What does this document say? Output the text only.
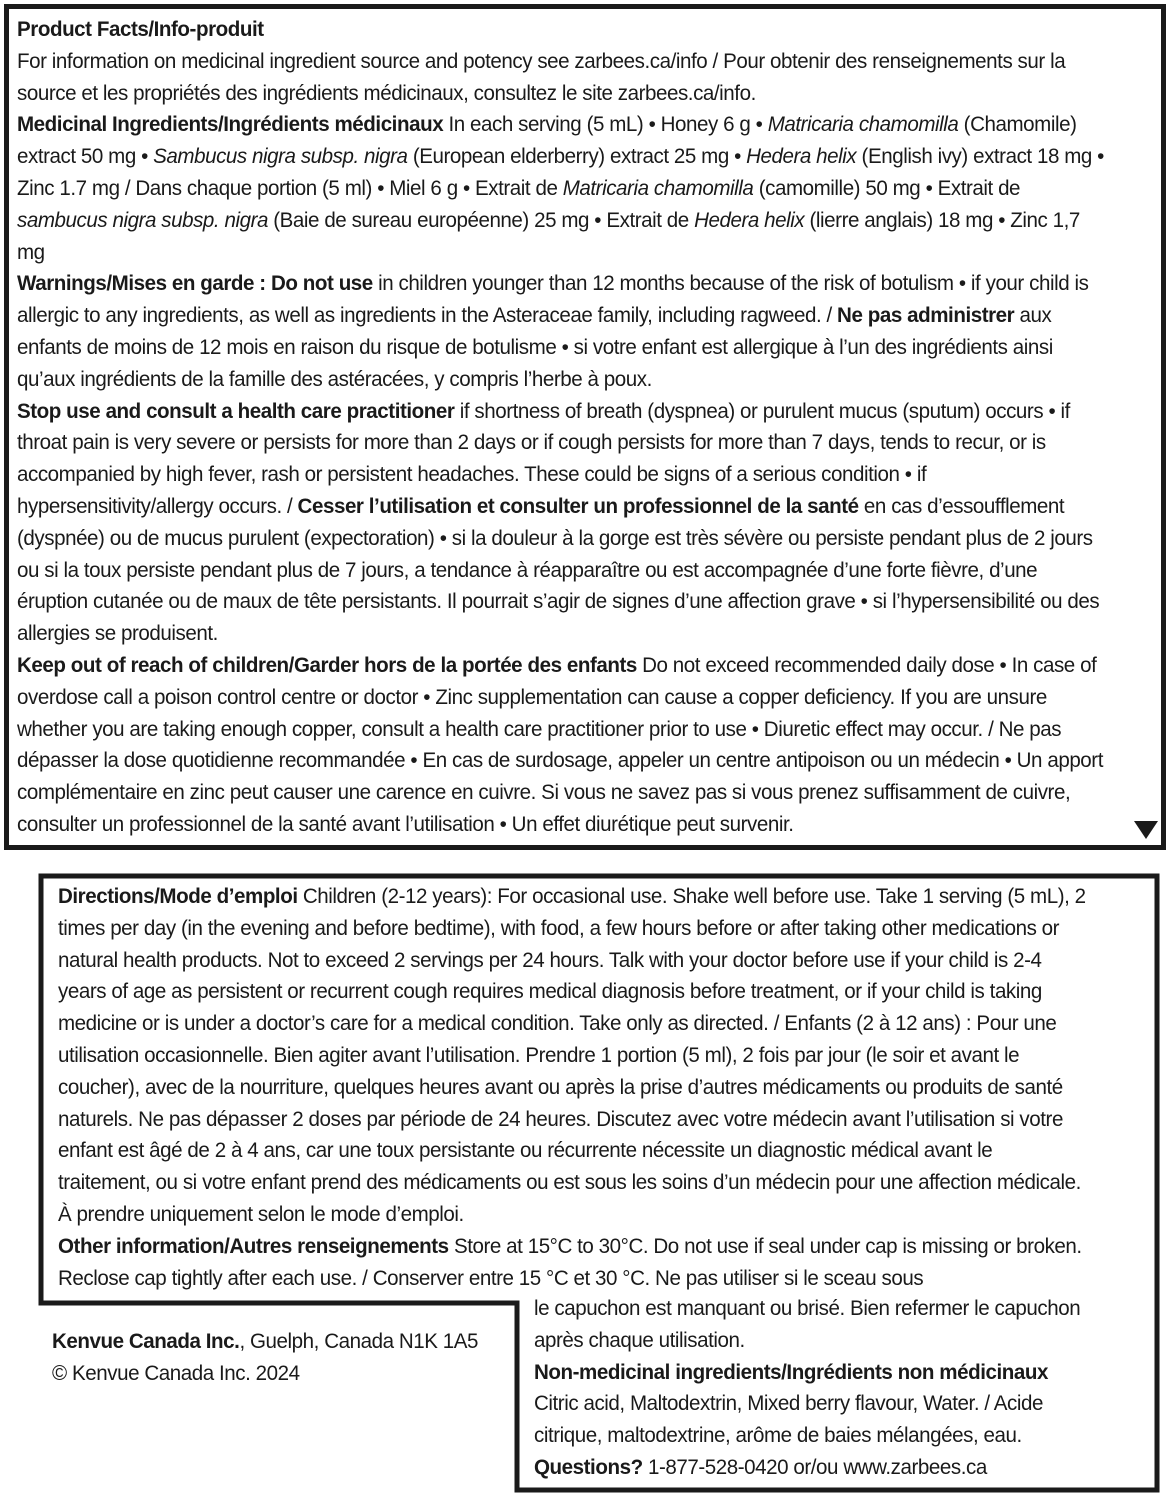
Product Facts/Info-produit

For information on medicinal ingredient source and potency see zarbees.ca/info / Pour obtenir des renseignements sur la source et les propriétés des ingrédients médicinaux, consultez le site zarbees.ca/info.

Medicinal Ingredients/Ingrédients médicinaux In each serving (5 mL) • Honey 6 g • Matricaria chamomilla (Chamomile) extract 50 mg • Sambucus nigra subsp. nigra (European elderberry) extract 25 mg • Hedera helix (English ivy) extract 18 mg • Zinc 1.7 mg / Dans chaque portion (5 ml) • Miel 6 g • Extrait de Matricaria chamomilla (camomille) 50 mg • Extrait de sambucus nigra subsp. nigra (Baie de sureau européenne) 25 mg • Extrait de Hedera helix (lierre anglais) 18 mg • Zinc 1,7 mg

Warnings/Mises en garde : Do not use in children younger than 12 months because of the risk of botulism • if your child is allergic to any ingredients, as well as ingredients in the Asteraceae family, including ragweed. / Ne pas administrer aux enfants de moins de 12 mois en raison du risque de botulisme • si votre enfant est allergique à l’un des ingrédients ainsi qu’aux ingrédients de la famille des astéracées, y compris l’herbe à poux.

Stop use and consult a health care practitioner if shortness of breath (dyspnea) or purulent mucus (sputum) occurs • if throat pain is very severe or persists for more than 2 days or if cough persists for more than 7 days, tends to recur, or is accompanied by high fever, rash or persistent headaches. These could be signs of a serious condition • if hypersensitivity/allergy occurs. / Cesser l’utilisation et consulter un professionnel de la santé en cas d’essoufflement (dyspnée) ou de mucus purulent (expectoration) • si la douleur à la gorge est très sévère ou persiste pendant plus de 2 jours ou si la toux persiste pendant plus de 7 jours, a tendance à réapparaître ou est accompagnée d’une forte fièvre, d’une éruption cutanée ou de maux de tête persistants. Il pourrait s’agir de signes d’une affection grave • si l’hypersensibilité ou des allergies se produisent.

Keep out of reach of children/Garder hors de la portée des enfants Do not exceed recommended daily dose • In case of overdose call a poison control centre or doctor • Zinc supplementation can cause a copper deficiency. If you are unsure whether you are taking enough copper, consult a health care practitioner prior to use • Diuretic effect may occur. / Ne pas dépasser la dose quotidienne recommandée • En cas de surdosage, appeler un centre antipoison ou un médecin • Un apport complémentaire en zinc peut causer une carence en cuivre. Si vous ne savez pas si vous prenez suffisamment de cuivre, consulter un professionnel de la santé avant l’utilisation • Un effet diurétique peut survenir.

Directions/Mode d’emploi Children (2-12 years): For occasional use. Shake well before use. Take 1 serving (5 mL), 2 times per day (in the evening and before bedtime), with food, a few hours before or after taking other medications or natural health products. Not to exceed 2 servings per 24 hours. Talk with your doctor before use if your child is 2-4 years of age as persistent or recurrent cough requires medical diagnosis before treatment, or if your child is taking medicine or is under a doctor’s care for a medical condition. Take only as directed. / Enfants (2 à 12 ans) : Pour une utilisation occasionnelle. Bien agiter avant l’utilisation. Prendre 1 portion (5 ml), 2 fois par jour (le soir et avant le coucher), avec de la nourriture, quelques heures avant ou après la prise d’autres médicaments ou produits de santé naturels. Ne pas dépasser 2 doses par période de 24 heures. Discutez avec votre médecin avant l’utilisation si votre enfant est âgé de 2 à 4 ans, car une toux persistante ou récurrente nécessite un diagnostic médical avant le traitement, ou si votre enfant prend des médicaments ou est sous les soins d’un médecin pour une affection médicale. À prendre uniquement selon le mode d’emploi.

Other information/Autres renseignements Store at 15°C to 30°C. Do not use if seal under cap is missing or broken. Reclose cap tightly after each use. / Conserver entre 15 °C et 30 °C. Ne pas utiliser si le sceau sous

le capuchon est manquant ou brisé. Bien refermer le capuchon après chaque utilisation.

Non-medicinal ingredients/Ingrédients non médicinaux

Citric acid, Maltodextrin, Mixed berry flavour, Water. / Acide citrique, maltodextrine, arôme de baies mélangées, eau.

Questions? 1-877-528-0420 or/ou www.zarbees.ca

Kenvue Canada Inc., Guelph, Canada N1K 1A5

© Kenvue Canada Inc. 2024
